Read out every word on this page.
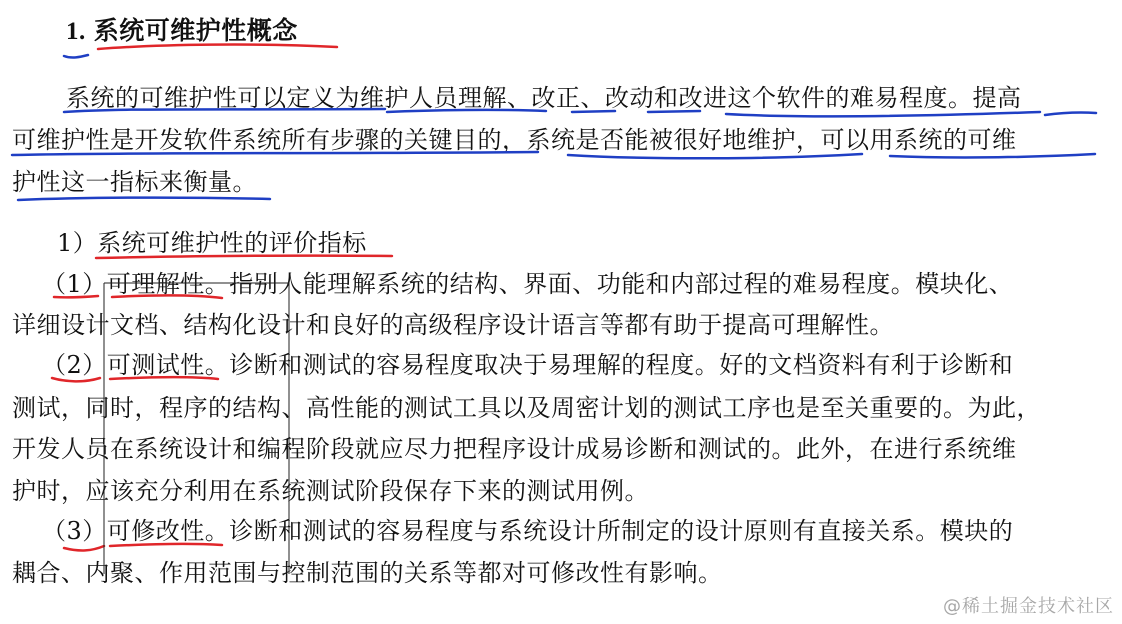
1. 系统可维护性概念
系统的可维护性可以定义为维护人员理解、改正、改动和改进这个软件的难易程度。提高
可维护性是开发软件系统所有步骤的关键目的，系统是否能被很好地维护，可以用系统的可维
护性这一指标来衡量。
1）系统可维护性的评价指标
（1）可理解性。指别人能理解系统的结构、界面、功能和内部过程的难易程度。模块化、
详细设计文档、结构化设计和良好的高级程序设计语言等都有助于提高可理解性。
（2）可测试性。诊断和测试的容易程度取决于易理解的程度。好的文档资料有利于诊断和
测试，同时，程序的结构、高性能的测试工具以及周密计划的测试工序也是至关重要的。为此，
开发人员在系统设计和编程阶段就应尽力把程序设计成易诊断和测试的。此外，在进行系统维
护时，应该充分利用在系统测试阶段保存下来的测试用例。
（3）可修改性。诊断和测试的容易程度与系统设计所制定的设计原则有直接关系。模块的
耦合、内聚、作用范围与控制范围的关系等都对可修改性有影响。
@稀土掘金技术社区
